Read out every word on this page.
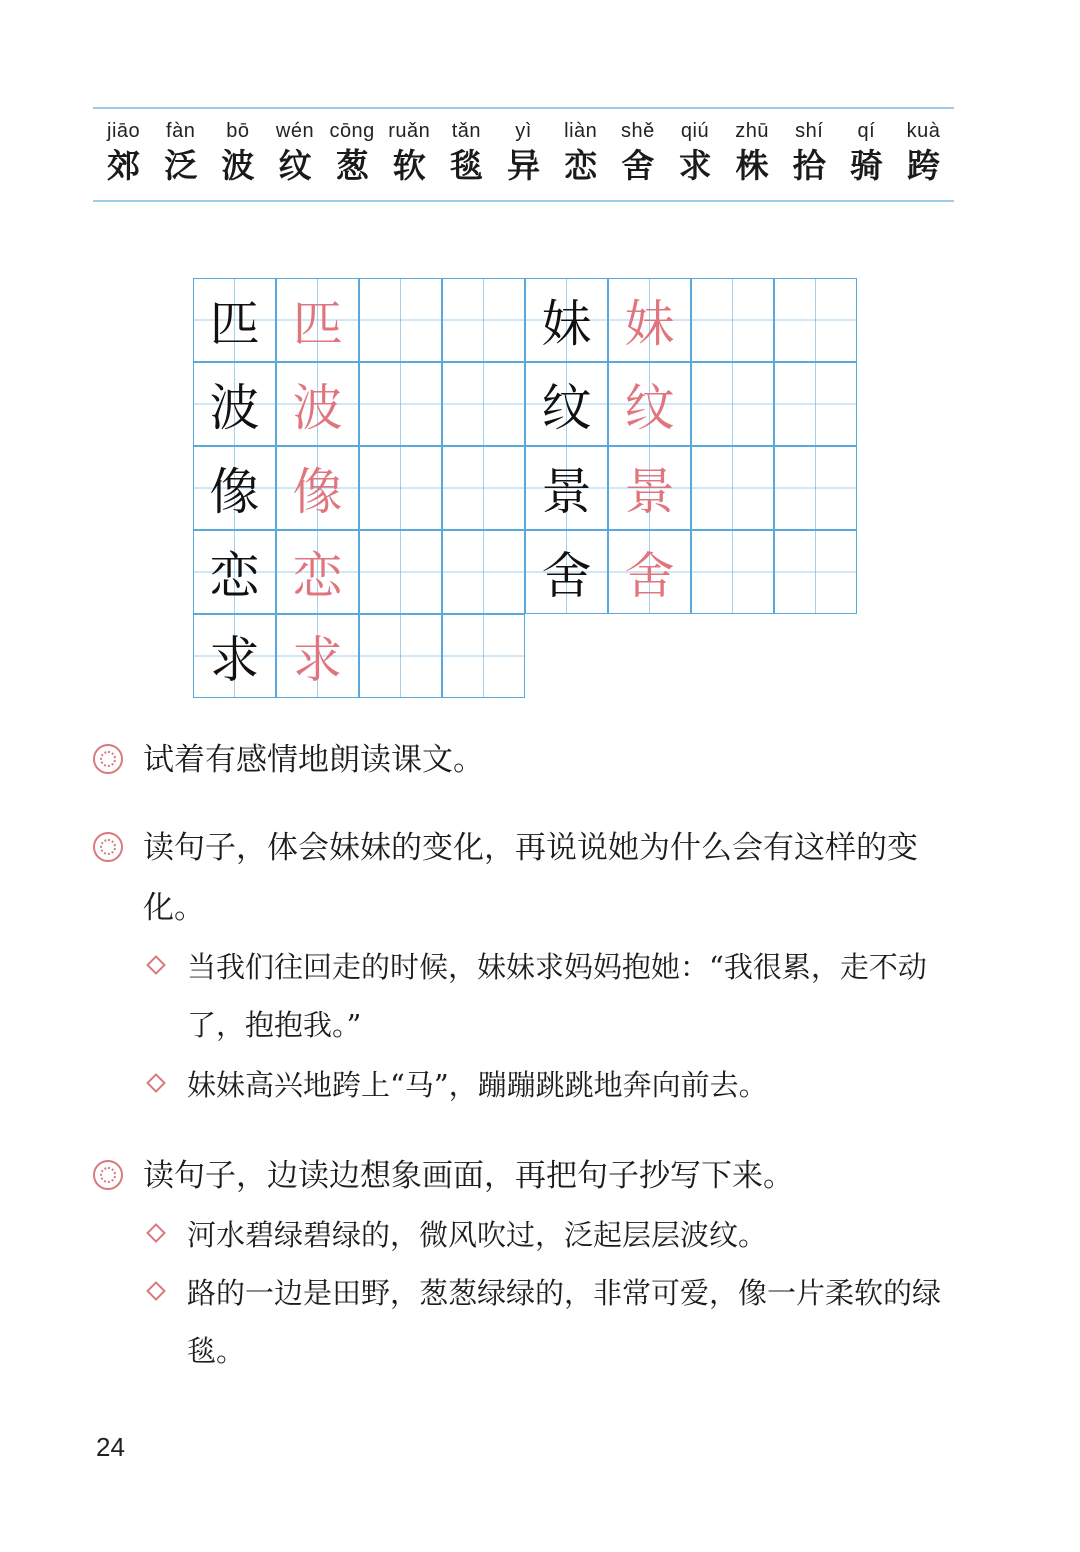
jiāo
郊
fàn
泛
bō
波
wén
纹
cōng
葱
ruǎn
软
tǎn
毯
yì
异
liàn
恋
shě
舍
qiú
求
zhū
株
shí
拾
qí
骑
kuà
跨
匹 匹
波 波
像 像
恋 恋
求 求
妹 妹
纹 纹
景 景
舍 舍
试着有感情地朗读课文。
读句子，体会妹妹的变化，再说说她为什么会有这样的变化。
当我们往回走的时候，妹妹求妈妈抱她：“我很累，走不动了，抱抱我。”
妹妹高兴地跨上“马”，蹦蹦跳跳地奔向前去。
读句子，边读边想象画面，再把句子抄写下来。
河水碧绿碧绿的，微风吹过，泛起层层波纹。
路的一边是田野，葱葱绿绿的，非常可爱，像一片柔软的绿毯。
24
